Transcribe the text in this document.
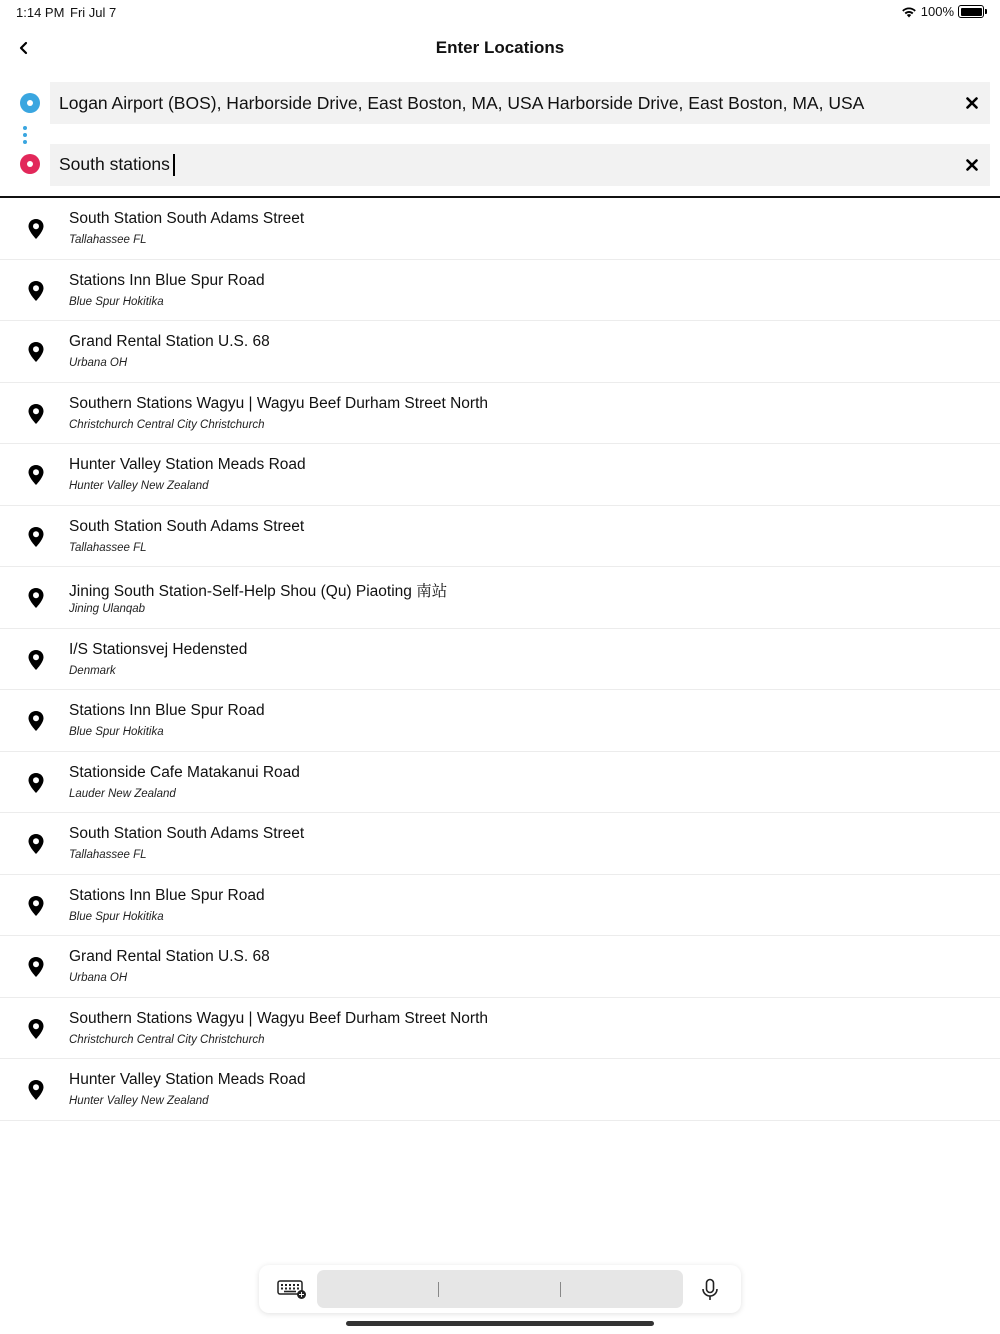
1:14 PM Fri Jul 7	100%
Enter Locations
Logan Airport (BOS), Harborside Drive, East Boston, MA, USA Harborside Drive, East Boston, MA, USA
South stations
South Station South Adams Street
Tallahassee FL
Stations Inn Blue Spur Road
Blue Spur Hokitika
Grand Rental Station U.S. 68
Urbana OH
Southern Stations Wagyu | Wagyu Beef Durham Street North
Christchurch Central City Christchurch
Hunter Valley Station Meads Road
Hunter Valley New Zealand
South Station South Adams Street
Tallahassee FL
Jining South Station-Self-Help Shou (Qu) Piaoting 南站
Jining Ulanqab
I/S Stationsvej Hedensted
Denmark
Stations Inn Blue Spur Road
Blue Spur Hokitika
Stationside Cafe Matakanui Road
Lauder New Zealand
South Station South Adams Street
Tallahassee FL
Stations Inn Blue Spur Road
Blue Spur Hokitika
Grand Rental Station U.S. 68
Urbana OH
Southern Stations Wagyu | Wagyu Beef Durham Street North
Christchurch Central City Christchurch
Hunter Valley Station Meads Road
Hunter Valley New Zealand
